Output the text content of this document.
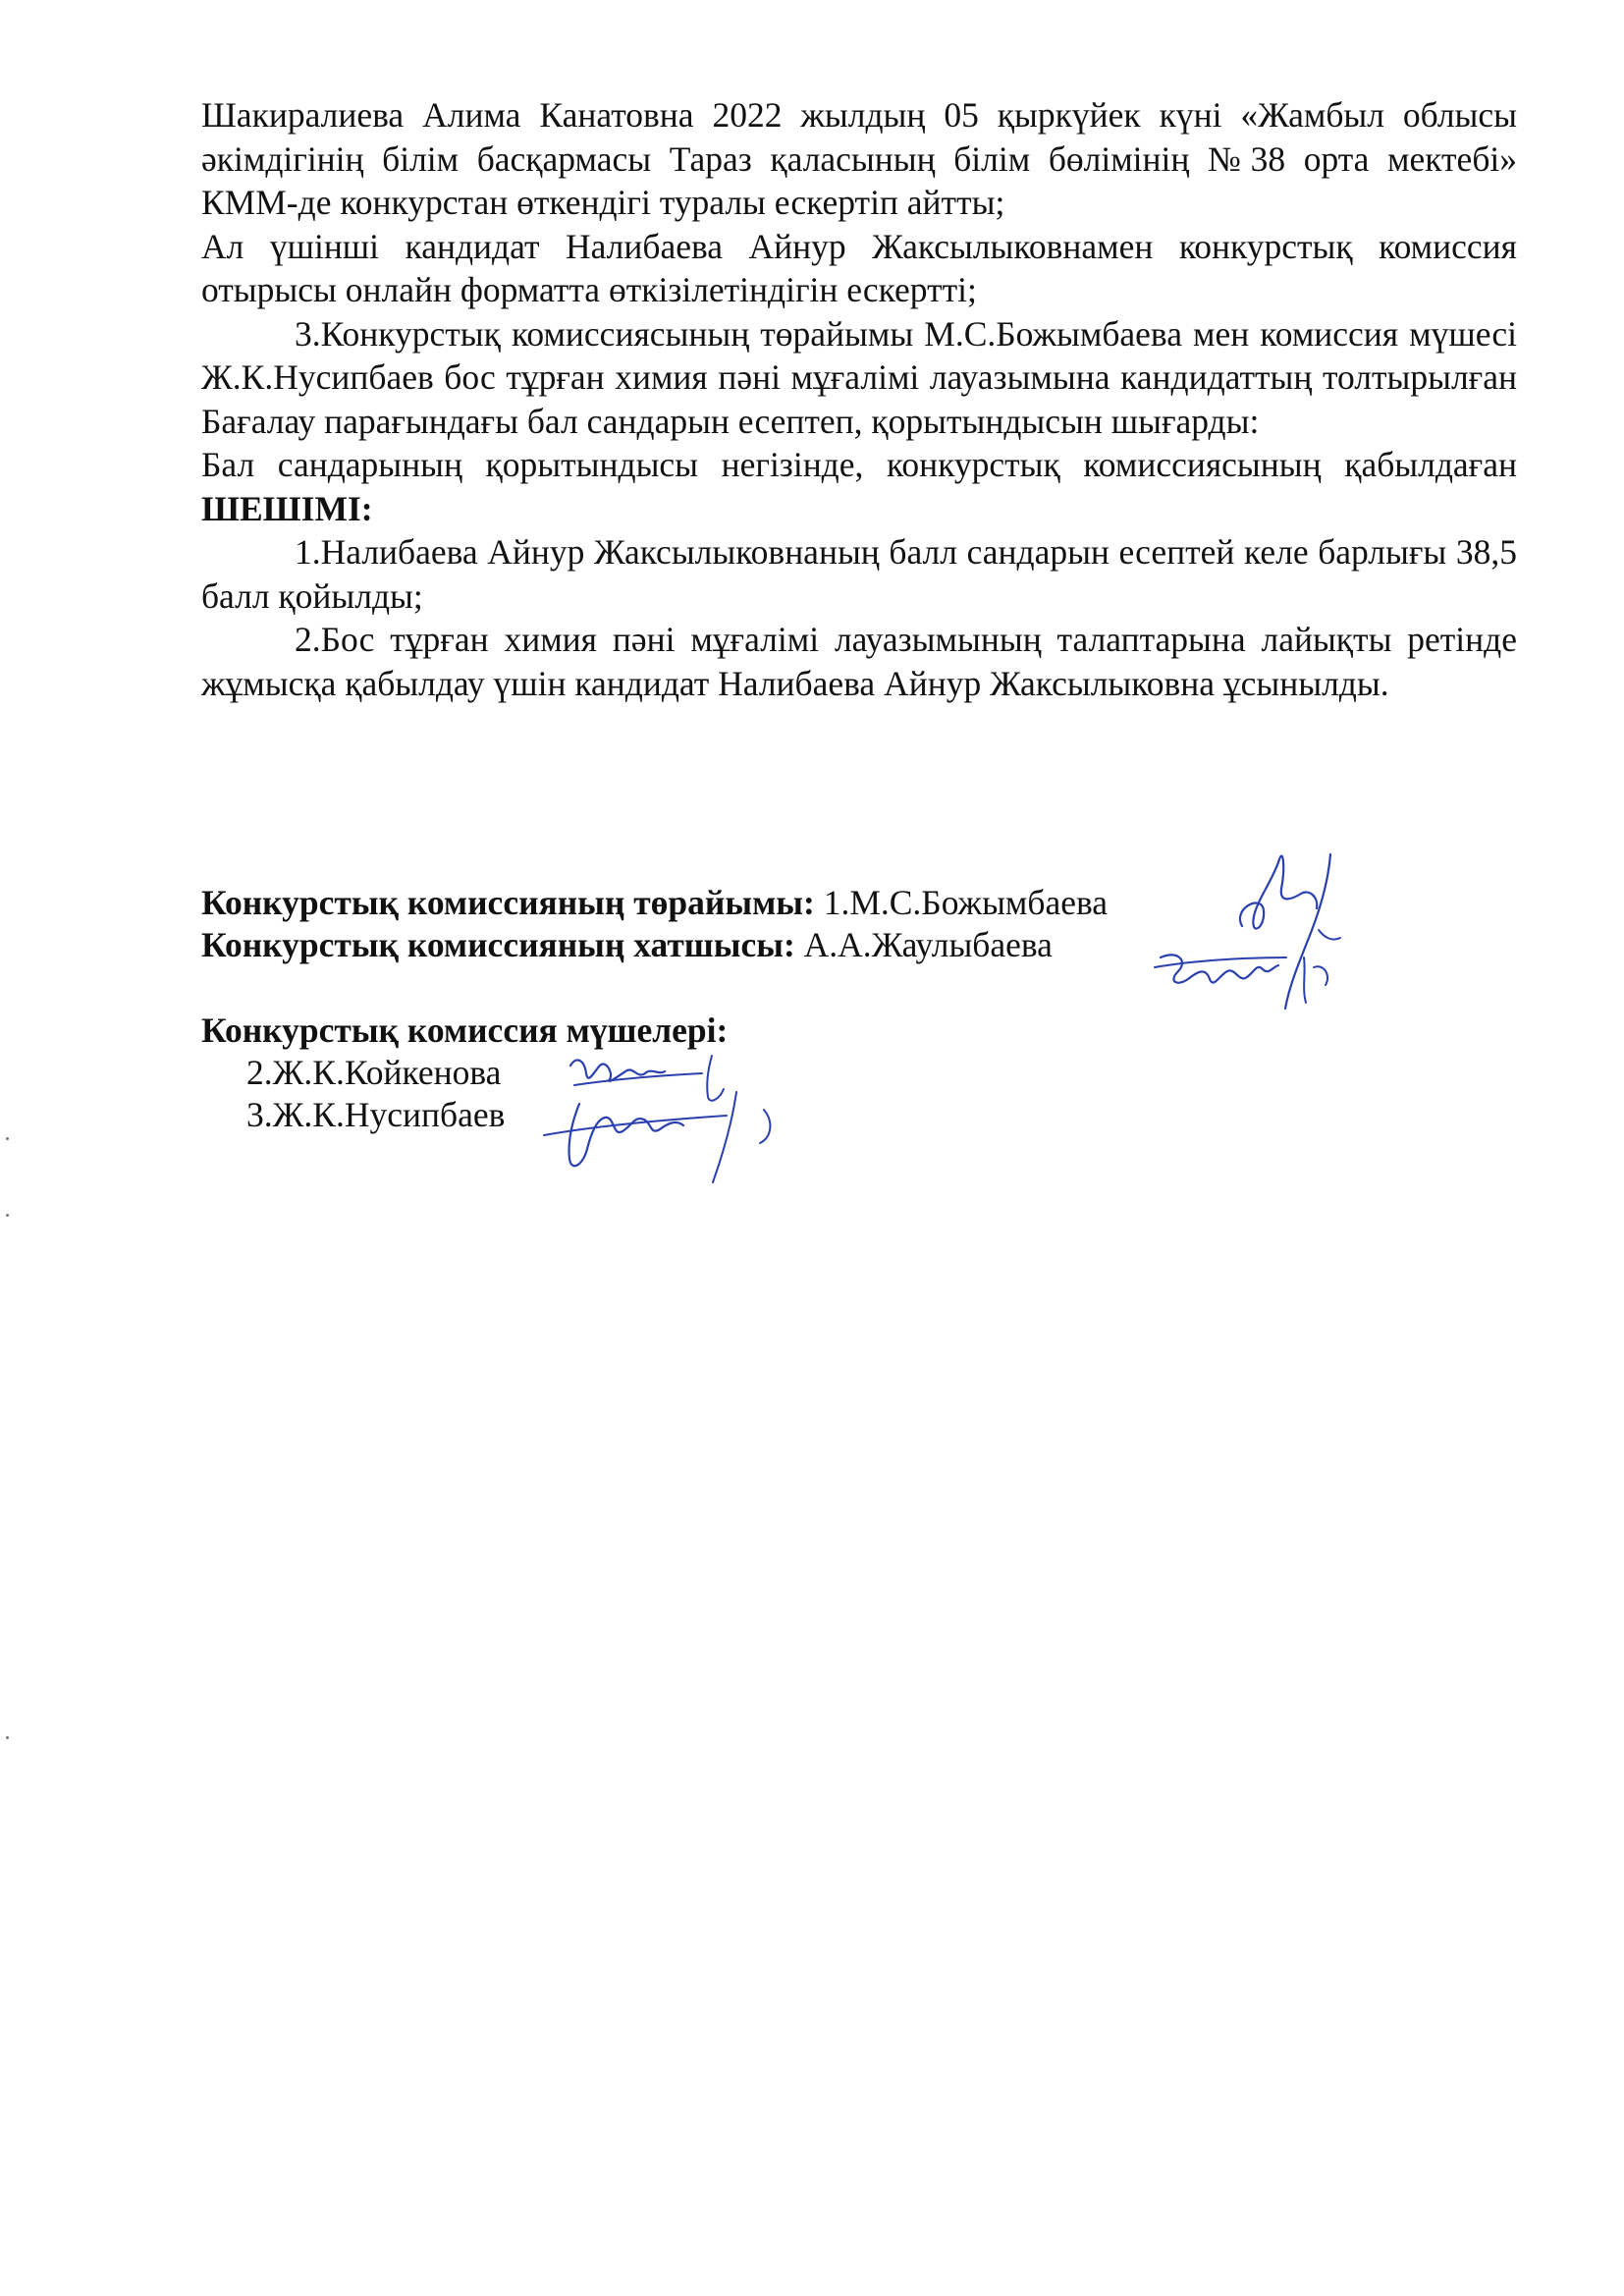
Шакиралиева Алима Канатовна 2022 жылдың 05 қыркүйек күні «Жамбыл облысы әкімдігінің білім басқармасы Тараз қаласының білім бөлімінің №38 орта мектебі» КММ-де конкурстан өткендігі туралы ескертіп айтты;

Ал үшінші кандидат Налибаева Айнур Жаксылыковнамен конкурстық комиссия отырысы онлайн форматта өткізілетіндігін ескертті;

3.Конкурстық комиссиясының төрайымы М.С.Божымбаева мен комиссия мүшесі Ж.К.Нусипбаев бос тұрған химия пәні мұғалімі лауазымына кандидаттың толтырылған Бағалау парағындағы бал сандарын есептеп, қорытындысын шығарды:

Бал сандарының қорытындысы негізінде, конкурстық комиссиясының қабылдаған ШЕШІМІ:

1.Налибаева Айнур Жаксылыковнаның балл сандарын есептей келе барлығы 38,5 балл қойылды;

2.Бос тұрған химия пәні мұғалімі лауазымының талаптарына лайықты ретінде жұмысқа қабылдау үшін кандидат Налибаева Айнур Жаксылыковна ұсынылды.

Конкурстық комиссияның төрайымы: 1.М.С.Божымбаева
Конкурстық комиссияның хатшысы: А.А.Жаулыбаева
Конкурстық комиссия мүшелері:
2.Ж.К.Койкенова
3.Ж.К.Нусипбаев
